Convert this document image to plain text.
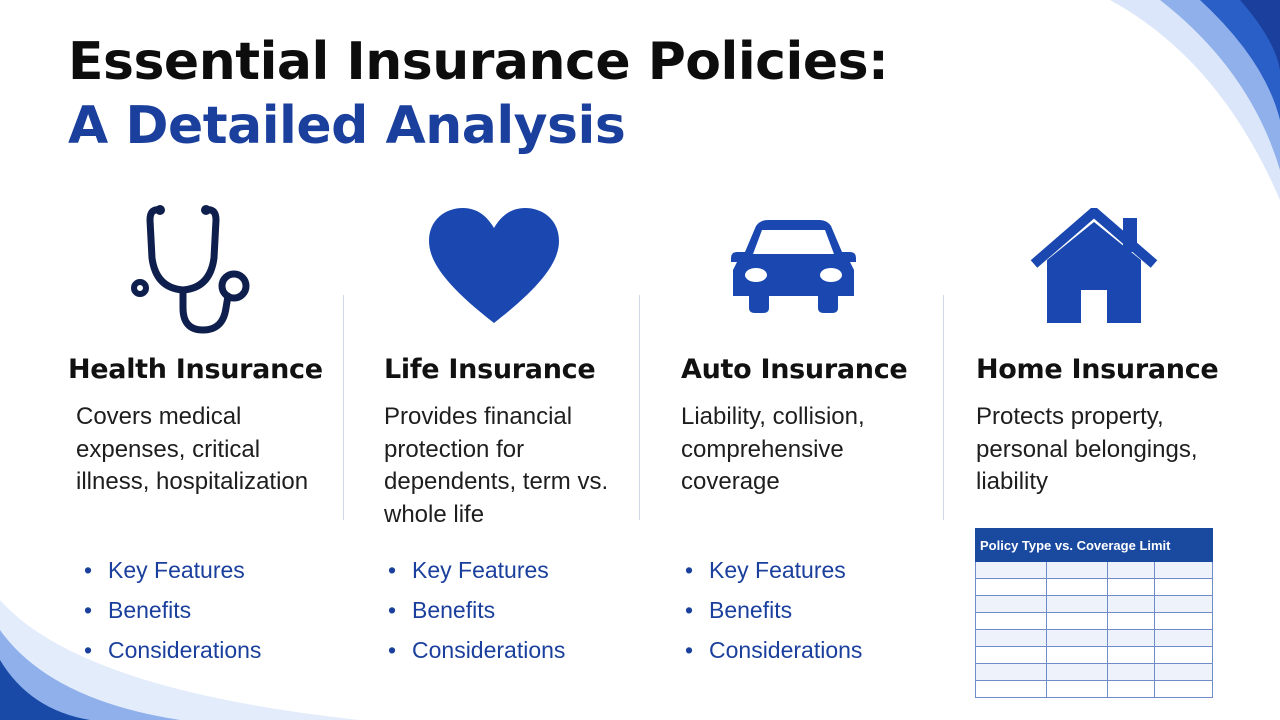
Essential Insurance Policies:
A Detailed Analysis
Health Insurance

Covers medical expenses, critical illness, hospitalization

• Key Features
• Benefits
• Considerations
Life Insurance

Provides financial protection for dependents, term vs. whole life

• Key Features
• Benefits
• Considerations
Auto Insurance

Liability, collision, comprehensive coverage

• Key Features
• Benefits
• Considerations
Home Insurance

Protects property, personal belongings, liability

Policy Type vs. Coverage Limit			
